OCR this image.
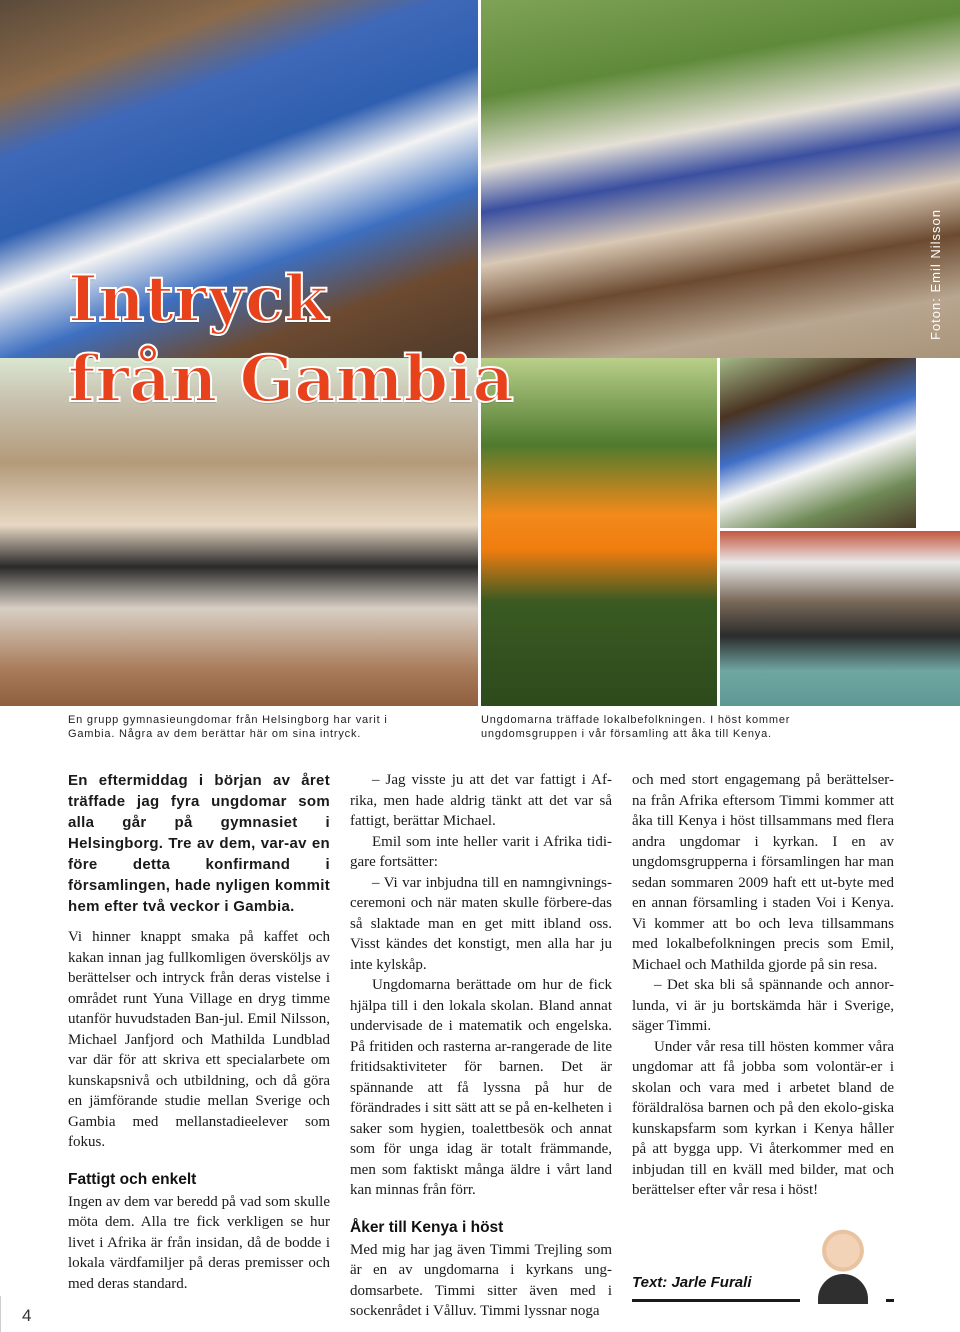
Foton: Emil Nilsson
Intryck
från Gambia
En grupp gymnasieungdomar från Helsingborg har varit i Gambia. Några av dem berättar här om sina intryck.
Ungdomarna träffade lokalbefolkningen. I höst kommer ungdomsgruppen i vår församling att åka till Kenya.

En eftermiddag i början av året träffade jag fyra ungdomar som alla går på gymnasiet i Helsingborg. Tre av dem, var-av en före detta konfirmand i församlingen, hade nyligen kommit hem efter två veckor i Gambia.

Vi hinner knappt smaka på kaffet och kakan innan jag fullkomligen översköljs av berättelser och intryck från deras vistelse i området runt Yuna Village en dryg timme utanför huvudstaden Ban-jul. Emil Nilsson, Michael Janfjord och Mathilda Lundblad var där för att skriva ett specialarbete om kunskapsnivå och utbildning, och då göra en jämförande studie mellan Sverige och Gambia med mellanstadieelever som fokus.

Fattigt och enkelt

Ingen av dem var beredd på vad som skulle möta dem. Alla tre fick verkligen se hur livet i Afrika är från insidan, då de bodde i lokala värdfamiljer på deras premisser och med deras standard.

– Jag visste ju att det var fattigt i Af-rika, men hade aldrig tänkt att det var så fattigt, berättar Michael.

Emil som inte heller varit i Afrika tidi-gare fortsätter:

– Vi var inbjudna till en namngivnings-ceremoni och när maten skulle förbere-das så slaktade man en get mitt ibland oss. Visst kändes det konstigt, men alla har ju inte kylskåp.

Ungdomarna berättade om hur de fick hjälpa till i den lokala skolan. Bland annat undervisade de i matematik och engelska. På fritiden och rasterna ar-rangerade de lite fritidsaktiviteter för barnen. Det är spännande att få lyssna på hur de förändrades i sitt sätt att se på en-kelheten i saker som hygien, toalettbesök och annat som för unga idag är totalt främmande, men som faktiskt många äldre i vårt land kan minnas från förr.

Åker till Kenya i höst

Med mig har jag även Timmi Trejling som är en av ungdomarna i kyrkans ung-domsarbete. Timmi sitter även med i sockenrådet i Vålluv. Timmi lyssnar noga

och med stort engagemang på berättelser-na från Afrika eftersom Timmi kommer att åka till Kenya i höst tillsammans med flera andra ungdomar i kyrkan. I en av ungdomsgrupperna i församlingen har man sedan sommaren 2009 haft ett ut-byte med en annan församling i staden Voi i Kenya. Vi kommer att bo och leva tillsammans med lokalbefolkningen precis som Emil, Michael och Mathilda gjorde på sin resa.

– Det ska bli så spännande och annor-lunda, vi är ju bortskämda här i Sverige, säger Timmi.

Under vår resa till hösten kommer våra ungdomar att få jobba som volontär-er i skolan och vara med i arbetet bland de föräldralösa barnen och på den ekolo-giska kunskapsfarm som kyrkan i Kenya håller på att bygga upp. Vi återkommer med en inbjudan till en kväll med bilder, mat och berättelser efter vår resa i höst!

Text: Jarle Furali
4
